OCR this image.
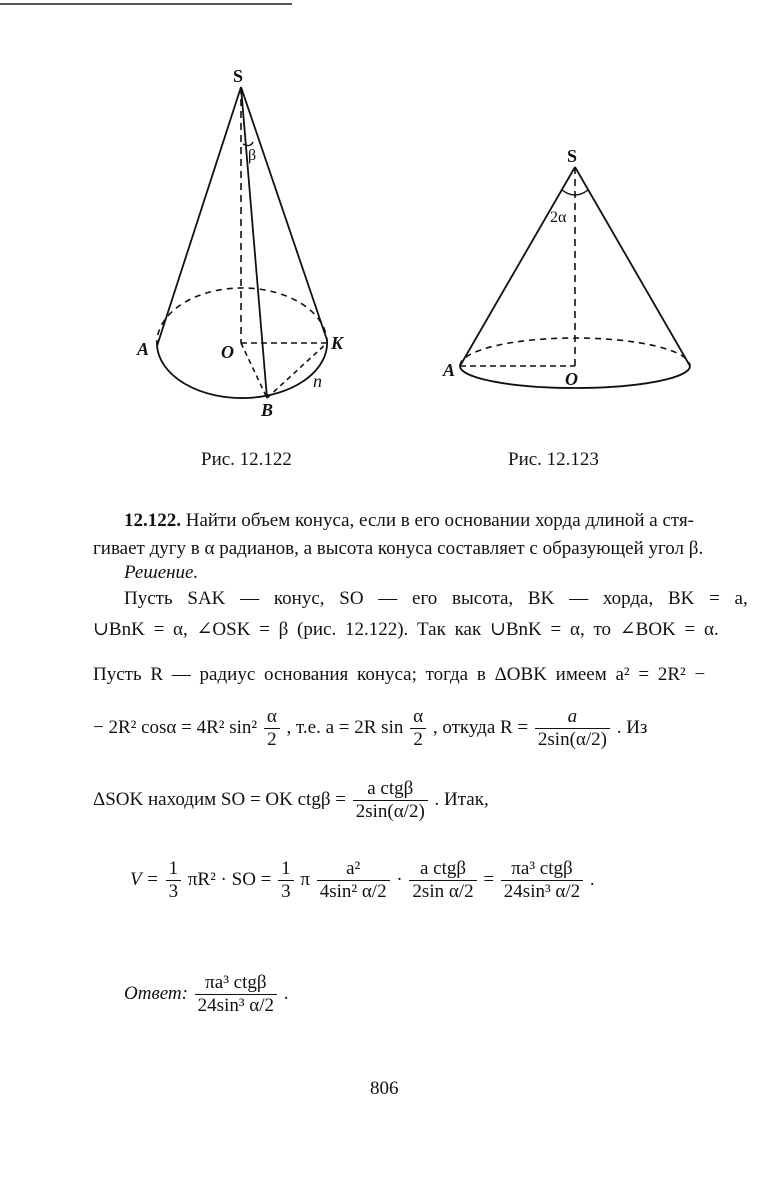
S
β
A	O	K
B
n
Рис. 12.122
S
2α
A	O
Рис. 12.123
12.122. Найти объем конуса, если в его основании хорда длиной a стя-
гивает дугу в α радианов, а высота конуса составляет с образующей угол β.
Решение.
Пусть SAK — конус, SO — его высота, BK — хорда, BK = a,
∪BnK = α, ∠OSK = β (рис. 12.122). Так как ∪BnK = α, то ∠BOK = α.
Пусть R — радиус основания конуса; тогда в ΔOBK имеем a² = 2R² −
− 2R² cosα = 4R² $\sin^2 \frac{\alpha}{2}$ , т.е. a = 2R $\sin \frac{\alpha}{2}$ , откуда $R = \frac{a}{2\sin(\alpha/2)}$ . Из
ΔSOK находим SO = OK $ctg\beta = \frac{\text{a ctgβ}}{2\sin(\alpha/2)}$ . Итак,
$V = \frac{1}{3} \pi R^2$ · SO = $\frac{1}{3}$ π $\frac{\text{a²}}{\text{4sin² α/2}} \cdot \frac{\text{a ctgβ}}{\text{2sin α/2}} = \frac{\text{πa³ ctgβ}}{\text{24sin³ α/2}}$ .
Ответ: $\frac{\text{πa³ ctgβ}}{\text{24sin³ α/2}}$ .
806
